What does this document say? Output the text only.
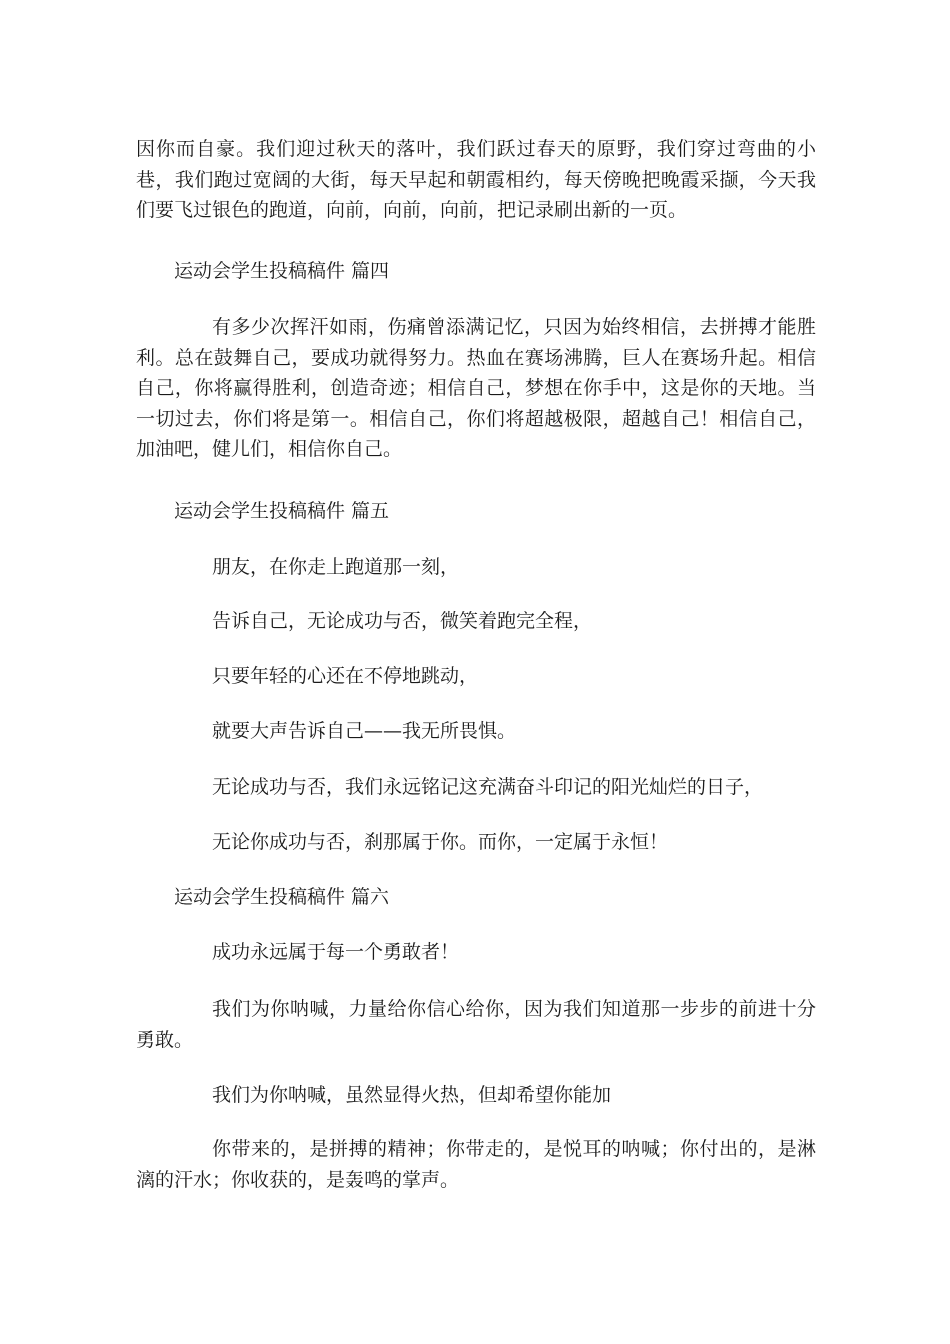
因你而自豪。我们迎过秋天的落叶，我们跃过春天的原野，我们穿过弯曲的小巷，我们跑过宽阔的大街，每天早起和朝霞相约，每天傍晚把晚霞采撷，今天我们要飞过银色的跑道，向前，向前，向前，把记录刷出新的一页。

运动会学生投稿稿件 篇四

有多少次挥汗如雨，伤痛曾添满记忆，只因为始终相信，去拼搏才能胜利。总在鼓舞自己，要成功就得努力。热血在赛场沸腾，巨人在赛场升起。相信自己，你将赢得胜利，创造奇迹；相信自己，梦想在你手中，这是你的天地。当一切过去，你们将是第一。相信自己，你们将超越极限，超越自己！相信自己，加油吧，健儿们，相信你自己。

运动会学生投稿稿件 篇五
朋友，在你走上跑道那一刻，
告诉自己，无论成功与否，微笑着跑完全程，
只要年轻的心还在不停地跳动，
就要大声告诉自己——我无所畏惧。
无论成功与否，我们永远铭记这充满奋斗印记的阳光灿烂的日子，
无论你成功与否，刹那属于你。而你，一定属于永恒！
运动会学生投稿稿件 篇六
成功永远属于每一个勇敢者！

我们为你呐喊，力量给你信心给你，因为我们知道那一步步的前进十分勇敢。

我们为你呐喊，虽然显得火热，但却希望你能加

你带来的，是拼搏的精神；你带走的，是悦耳的呐喊；你付出的，是淋漓的汗水；你收获的，是轰鸣的掌声。
